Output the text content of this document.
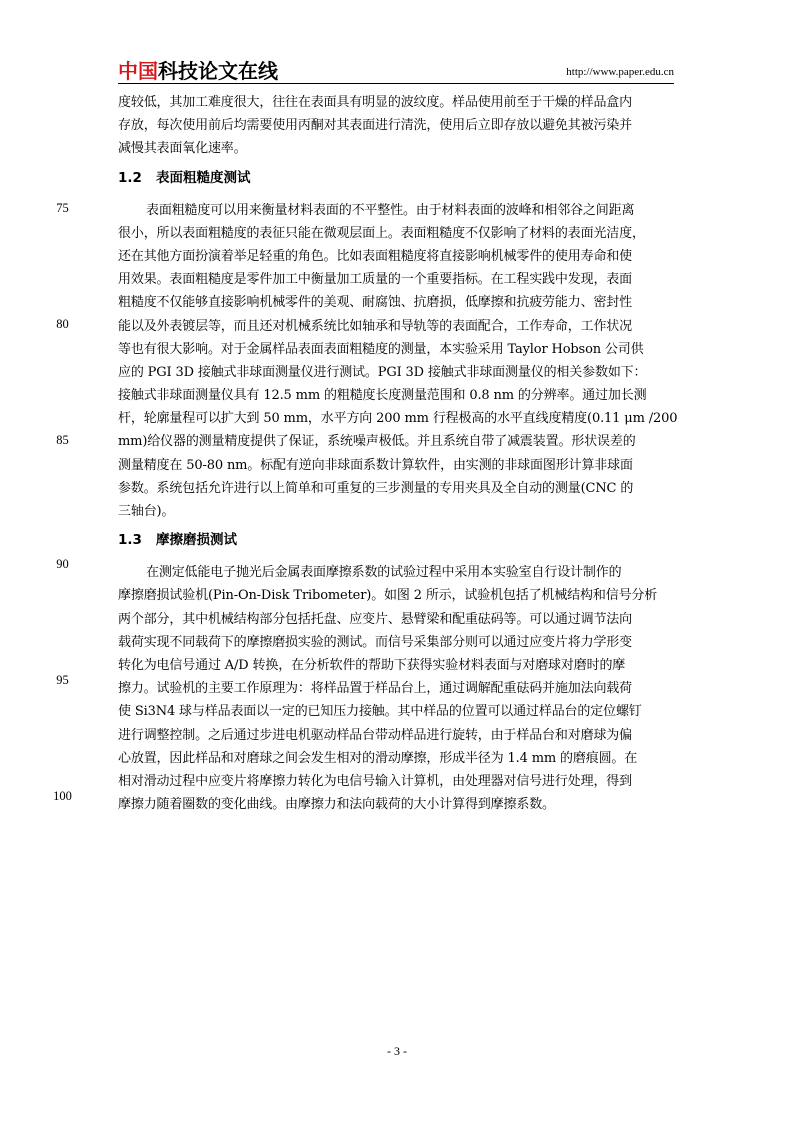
中国科技论文在线	http://www.paper.edu.cn
度较低，其加工难度很大，往往在表面具有明显的波纹度。样品使用前至于干燥的样品盒内
存放，每次使用前后均需要使用丙酮对其表面进行清洗，使用后立即存放以避免其被污染并
减慢其表面氧化速率。
1.2 表面粗糙度测试
表面粗糙度可以用来衡量材料表面的不平整性。由于材料表面的波峰和相邻谷之间距离
很小，所以表面粗糙度的表征只能在微观层面上。表面粗糙度不仅影响了材料的表面光洁度，
还在其他方面扮演着举足轻重的角色。比如表面粗糙度将直接影响机械零件的使用寿命和使
用效果。表面粗糙度是零件加工中衡量加工质量的一个重要指标。在工程实践中发现，表面
粗糙度不仅能够直接影响机械零件的美观、耐腐蚀、抗磨损，低摩擦和抗疲劳能力、密封性
能以及外表镀层等，而且还对机械系统比如轴承和导轨等的表面配合，工作寿命，工作状况
等也有很大影响。对于金属样品表面表面粗糙度的测量，本实验采用 Taylor Hobson 公司供
应的 PGI 3D 接触式非球面测量仪进行测试。PGI 3D 接触式非球面测量仪的相关参数如下：
接触式非球面测量仪具有 12.5 mm 的粗糙度长度测量范围和 0.8 nm 的分辨率。通过加长测
杆，轮廓量程可以扩大到 50 mm，水平方向 200 mm 行程极高的水平直线度精度(0.11 μm /200
mm)给仪器的测量精度提供了保证，系统噪声极低。并且系统自带了减震装置。形状误差的
测量精度在 50-80 nm。标配有逆向非球面系数计算软件，由实测的非球面图形计算非球面
参数。系统包括允许进行以上简单和可重复的三步测量的专用夹具及全自动的测量(CNC 的
三轴台)。
1.3 摩擦磨损测试
在测定低能电子抛光后金属表面摩擦系数的试验过程中采用本实验室自行设计制作的
摩擦磨损试验机(Pin-On-Disk Tribometer)。如图 2 所示，试验机包括了机械结构和信号分析
两个部分，其中机械结构部分包括托盘、应变片、悬臂梁和配重砝码等。可以通过调节法向
载荷实现不同载荷下的摩擦磨损实验的测试。而信号采集部分则可以通过应变片将力学形变
转化为电信号通过 A/D 转换，在分析软件的帮助下获得实验材料表面与对磨球对磨时的摩
擦力。试验机的主要工作原理为：将样品置于样品台上，通过调解配重砝码并施加法向载荷
使 Si3N4 球与样品表面以一定的已知压力接触。其中样品的位置可以通过样品台的定位螺钉
进行调整控制。之后通过步进电机驱动样品台带动样品进行旋转，由于样品台和对磨球为偏
心放置，因此样品和对磨球之间会发生相对的滑动摩擦，形成半径为 1.4 mm 的磨痕圆。在
相对滑动过程中应变片将摩擦力转化为电信号输入计算机，由处理器对信号进行处理，得到
摩擦力随着圈数的变化曲线。由摩擦力和法向载荷的大小计算得到摩擦系数。
75
80
85
90
95
100
- 3 -
